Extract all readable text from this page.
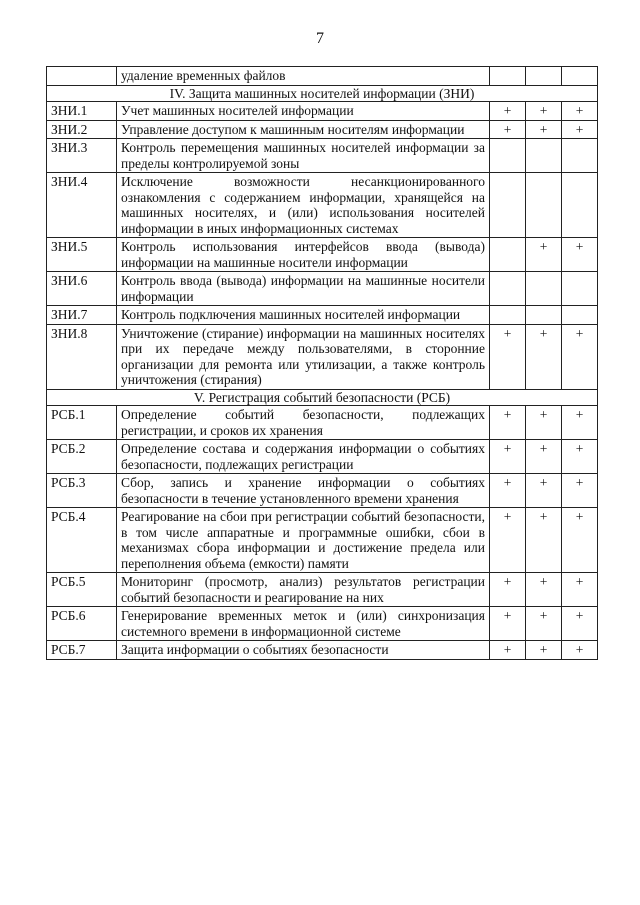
7
	удаление временных файлов			
IV. Защита машинных носителей информации (ЗНИ)				
ЗНИ.1	Учет машинных носителей информации	+	+	+
ЗНИ.2	Управление доступом к машинным носителям информации	+	+	+
ЗНИ.3	Контроль перемещения машинных носителей информации за пределы контролируемой зоны			
ЗНИ.4	Исключение возможности несанкционированного ознакомления с содержанием информации, хранящейся на машинных носителях, и (или) использования носителей информации в иных информационных системах			
ЗНИ.5	Контроль использования интерфейсов ввода (вывода) информации на машинные носители информации		+	+
ЗНИ.6	Контроль ввода (вывода) информации на машинные носители информации			
ЗНИ.7	Контроль подключения машинных носителей информации			
ЗНИ.8	Уничтожение (стирание) информации на машинных носителях при их передаче между пользователями, в сторонние организации для ремонта или утилизации, а также контроль уничтожения (стирания)	+	+	+
V. Регистрация событий безопасности (РСБ)				
РСБ.1	Определение событий безопасности, подлежащих регистрации, и сроков их хранения	+	+	+
РСБ.2	Определение состава и содержания информации о событиях безопасности, подлежащих регистрации	+	+	+
РСБ.3	Сбор, запись и хранение информации о событиях безопасности в течение установленного времени хранения	+	+	+
РСБ.4	Реагирование на сбои при регистрации событий безопасности, в том числе аппаратные и программные ошибки, сбои в механизмах сбора информации и достижение предела или переполнения объема (емкости) памяти	+	+	+
РСБ.5	Мониторинг (просмотр, анализ) результатов регистрации событий безопасности и реагирование на них	+	+	+
РСБ.6	Генерирование временных меток и (или) синхронизация системного времени в информационной системе	+	+	+
РСБ.7	Защита информации о событиях безопасности	+	+	+
